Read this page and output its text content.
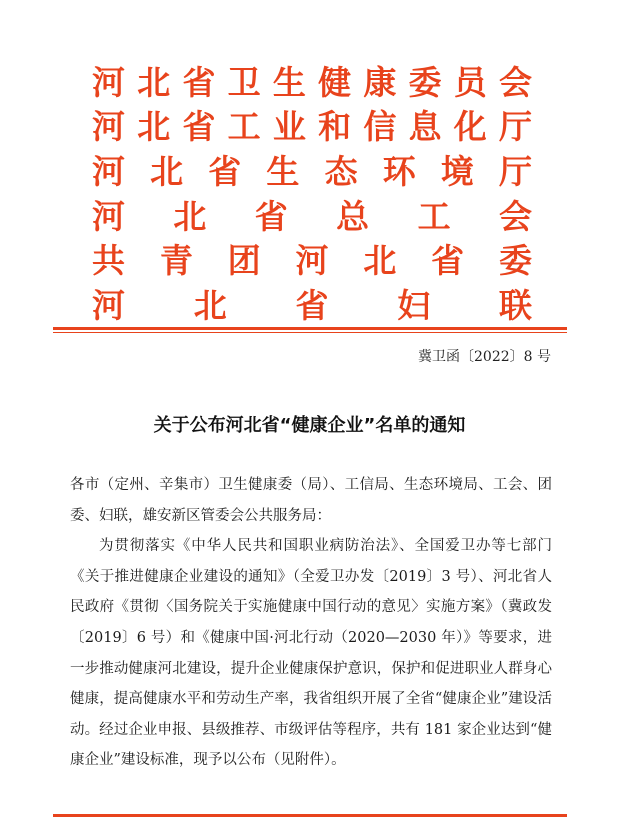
河 北 省 卫 生 健 康 委 员 会
河 北 省 工 业 和 信 息 化 厅
河 北 省 生 态 环 境 厅
河 北 省 总 工 会
共 青 团 河 北 省 委
河 北 省 妇 联
冀卫函〔2022〕8 号
关于公布河北省“健康企业”名单的通知

各市（定州、辛集市）卫生健康委（局）、工信局、生态环境局、工会、团委、妇联，雄安新区管委会公共服务局：

为贯彻落实《中华人民共和国职业病防治法》、全国爱卫办等七部门《关于推进健康企业建设的通知》（全爱卫办发〔2019〕3 号）、河北省人民政府《贯彻〈国务院关于实施健康中国行动的意见〉实施方案》（冀政发〔2019〕6 号）和《健康中国·河北行动（2020—2030 年）》等要求，进一步推动健康河北建设，提升企业健康保护意识，保护和促进职业人群身心健康，提高健康水平和劳动生产率，我省组织开展了全省“健康企业”建设活动。经过企业申报、县级推荐、市级评估等程序，共有 181 家企业达到“健康企业”建设标准，现予以公布（见附件）。
